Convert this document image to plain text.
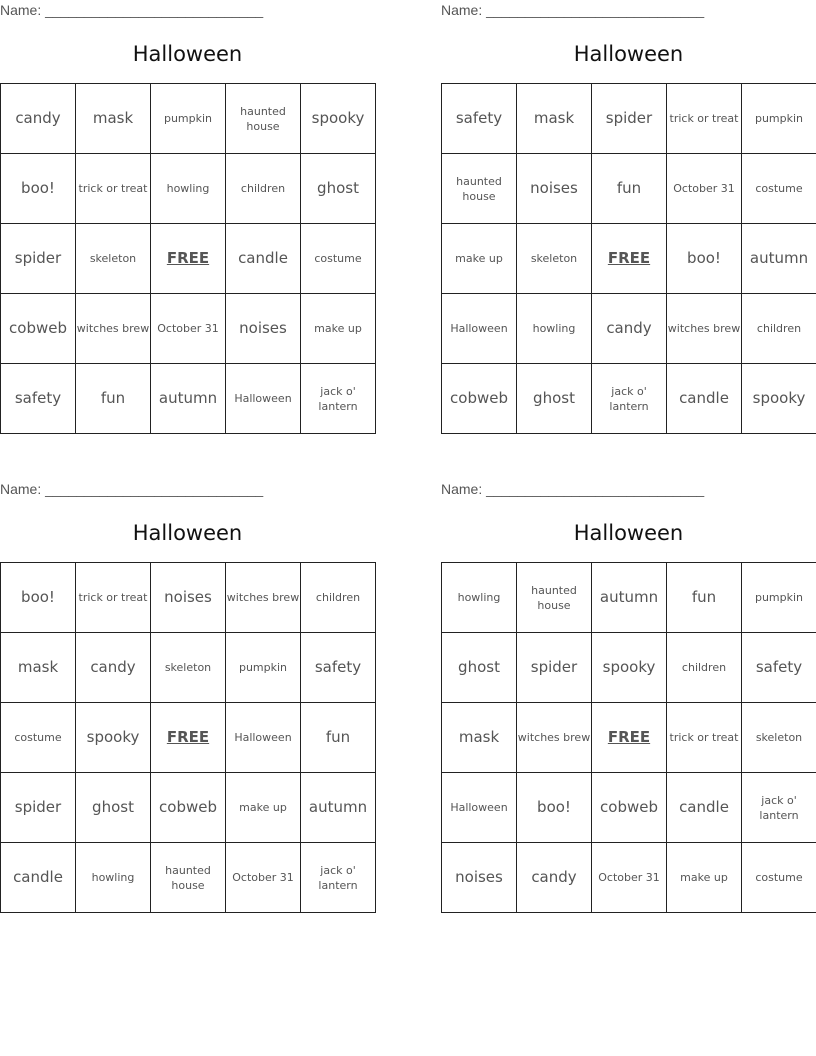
Name: ____________________________
Halloween
candy	mask	pumpkin	haunted house	spooky
boo!	trick or treat	howling	children	ghost
spider	skeleton	FREE	candle	costume
cobweb	witches brew	October 31	noises	make up
safety	fun	autumn	Halloween	jack o' lantern
Name: ____________________________
Halloween
safety	mask	spider	trick or treat	pumpkin
haunted house	noises	fun	October 31	costume
make up	skeleton	FREE	boo!	autumn
Halloween	howling	candy	witches brew	children
cobweb	ghost	jack o' lantern	candle	spooky
Name: ____________________________
Halloween
boo!	trick or treat	noises	witches brew	children
mask	candy	skeleton	pumpkin	safety
costume	spooky	FREE	Halloween	fun
spider	ghost	cobweb	make up	autumn
candle	howling	haunted house	October 31	jack o' lantern
Name: ____________________________
Halloween
howling	haunted house	autumn	fun	pumpkin
ghost	spider	spooky	children	safety
mask	witches brew	FREE	trick or treat	skeleton
Halloween	boo!	cobweb	candle	jack o' lantern
noises	candy	October 31	make up	costume
